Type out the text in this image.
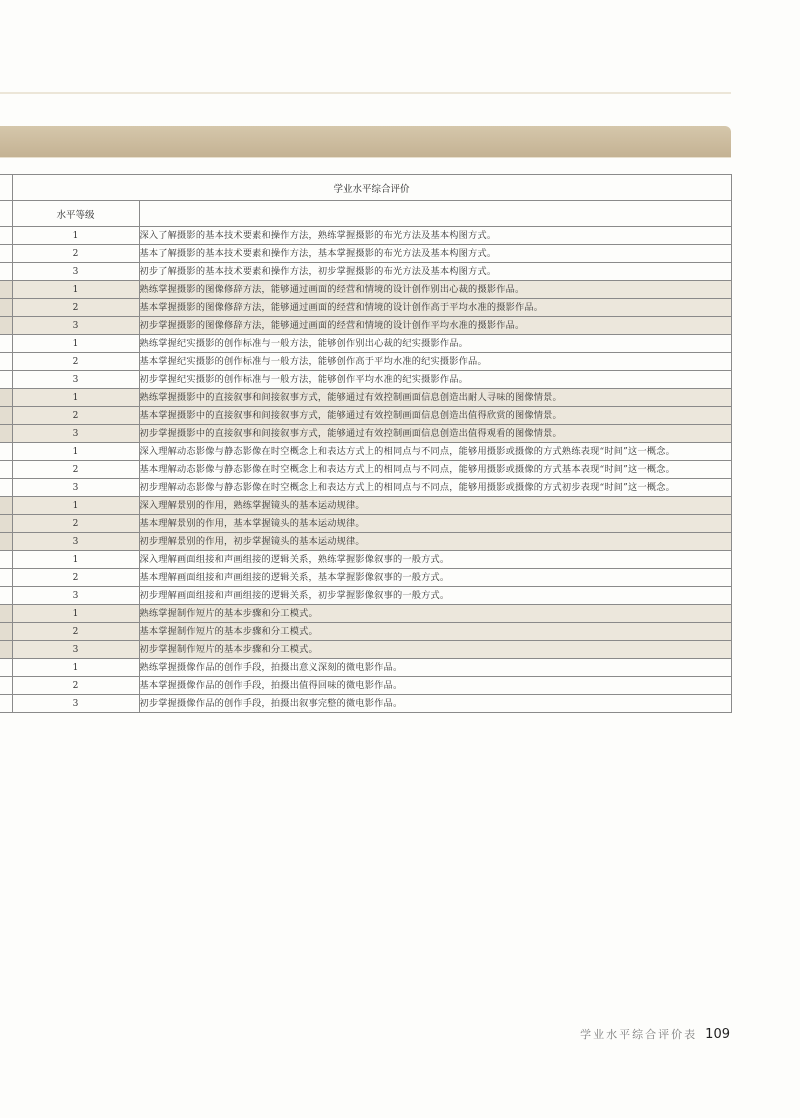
	学业水平综合评价	
	水平等级	
	1	深入了解摄影的基本技术要素和操作方法，熟练掌握摄影的布光方法及基本构图方式。
	2	基本了解摄影的基本技术要素和操作方法，基本掌握摄影的布光方法及基本构图方式。
	3	初步了解摄影的基本技术要素和操作方法，初步掌握摄影的布光方法及基本构图方式。
	1	熟练掌握摄影的图像修辞方法，能够通过画面的经营和情境的设计创作别出心裁的摄影作品。
	2	基本掌握摄影的图像修辞方法，能够通过画面的经营和情境的设计创作高于平均水准的摄影作品。
	3	初步掌握摄影的图像修辞方法，能够通过画面的经营和情境的设计创作平均水准的摄影作品。
	1	熟练掌握纪实摄影的创作标准与一般方法，能够创作别出心裁的纪实摄影作品。
	2	基本掌握纪实摄影的创作标准与一般方法，能够创作高于平均水准的纪实摄影作品。
	3	初步掌握纪实摄影的创作标准与一般方法，能够创作平均水准的纪实摄影作品。
	1	熟练掌握摄影中的直接叙事和间接叙事方式，能够通过有效控制画面信息创造出耐人寻味的图像情景。
	2	基本掌握摄影中的直接叙事和间接叙事方式，能够通过有效控制画面信息创造出值得欣赏的图像情景。
	3	初步掌握摄影中的直接叙事和间接叙事方式，能够通过有效控制画面信息创造出值得观看的图像情景。
	1	深入理解动态影像与静态影像在时空概念上和表达方式上的相同点与不同点，能够用摄影或摄像的方式熟练表现“时间”这一概念。
	2	基本理解动态影像与静态影像在时空概念上和表达方式上的相同点与不同点，能够用摄影或摄像的方式基本表现“时间”这一概念。
	3	初步理解动态影像与静态影像在时空概念上和表达方式上的相同点与不同点，能够用摄影或摄像的方式初步表现“时间”这一概念。
	1	深入理解景别的作用，熟练掌握镜头的基本运动规律。
	2	基本理解景别的作用，基本掌握镜头的基本运动规律。
	3	初步理解景别的作用，初步掌握镜头的基本运动规律。
	1	深入理解画面组接和声画组接的逻辑关系，熟练掌握影像叙事的一般方式。
	2	基本理解画面组接和声画组接的逻辑关系，基本掌握影像叙事的一般方式。
	3	初步理解画面组接和声画组接的逻辑关系，初步掌握影像叙事的一般方式。
	1	熟练掌握制作短片的基本步骤和分工模式。
	2	基本掌握制作短片的基本步骤和分工模式。
	3	初步掌握制作短片的基本步骤和分工模式。
	1	熟练掌握摄像作品的创作手段，拍摄出意义深刻的微电影作品。
	2	基本掌握摄像作品的创作手段，拍摄出值得回味的微电影作品。
	3	初步掌握摄像作品的创作手段，拍摄出叙事完整的微电影作品。
学业水平综合评价表 109
